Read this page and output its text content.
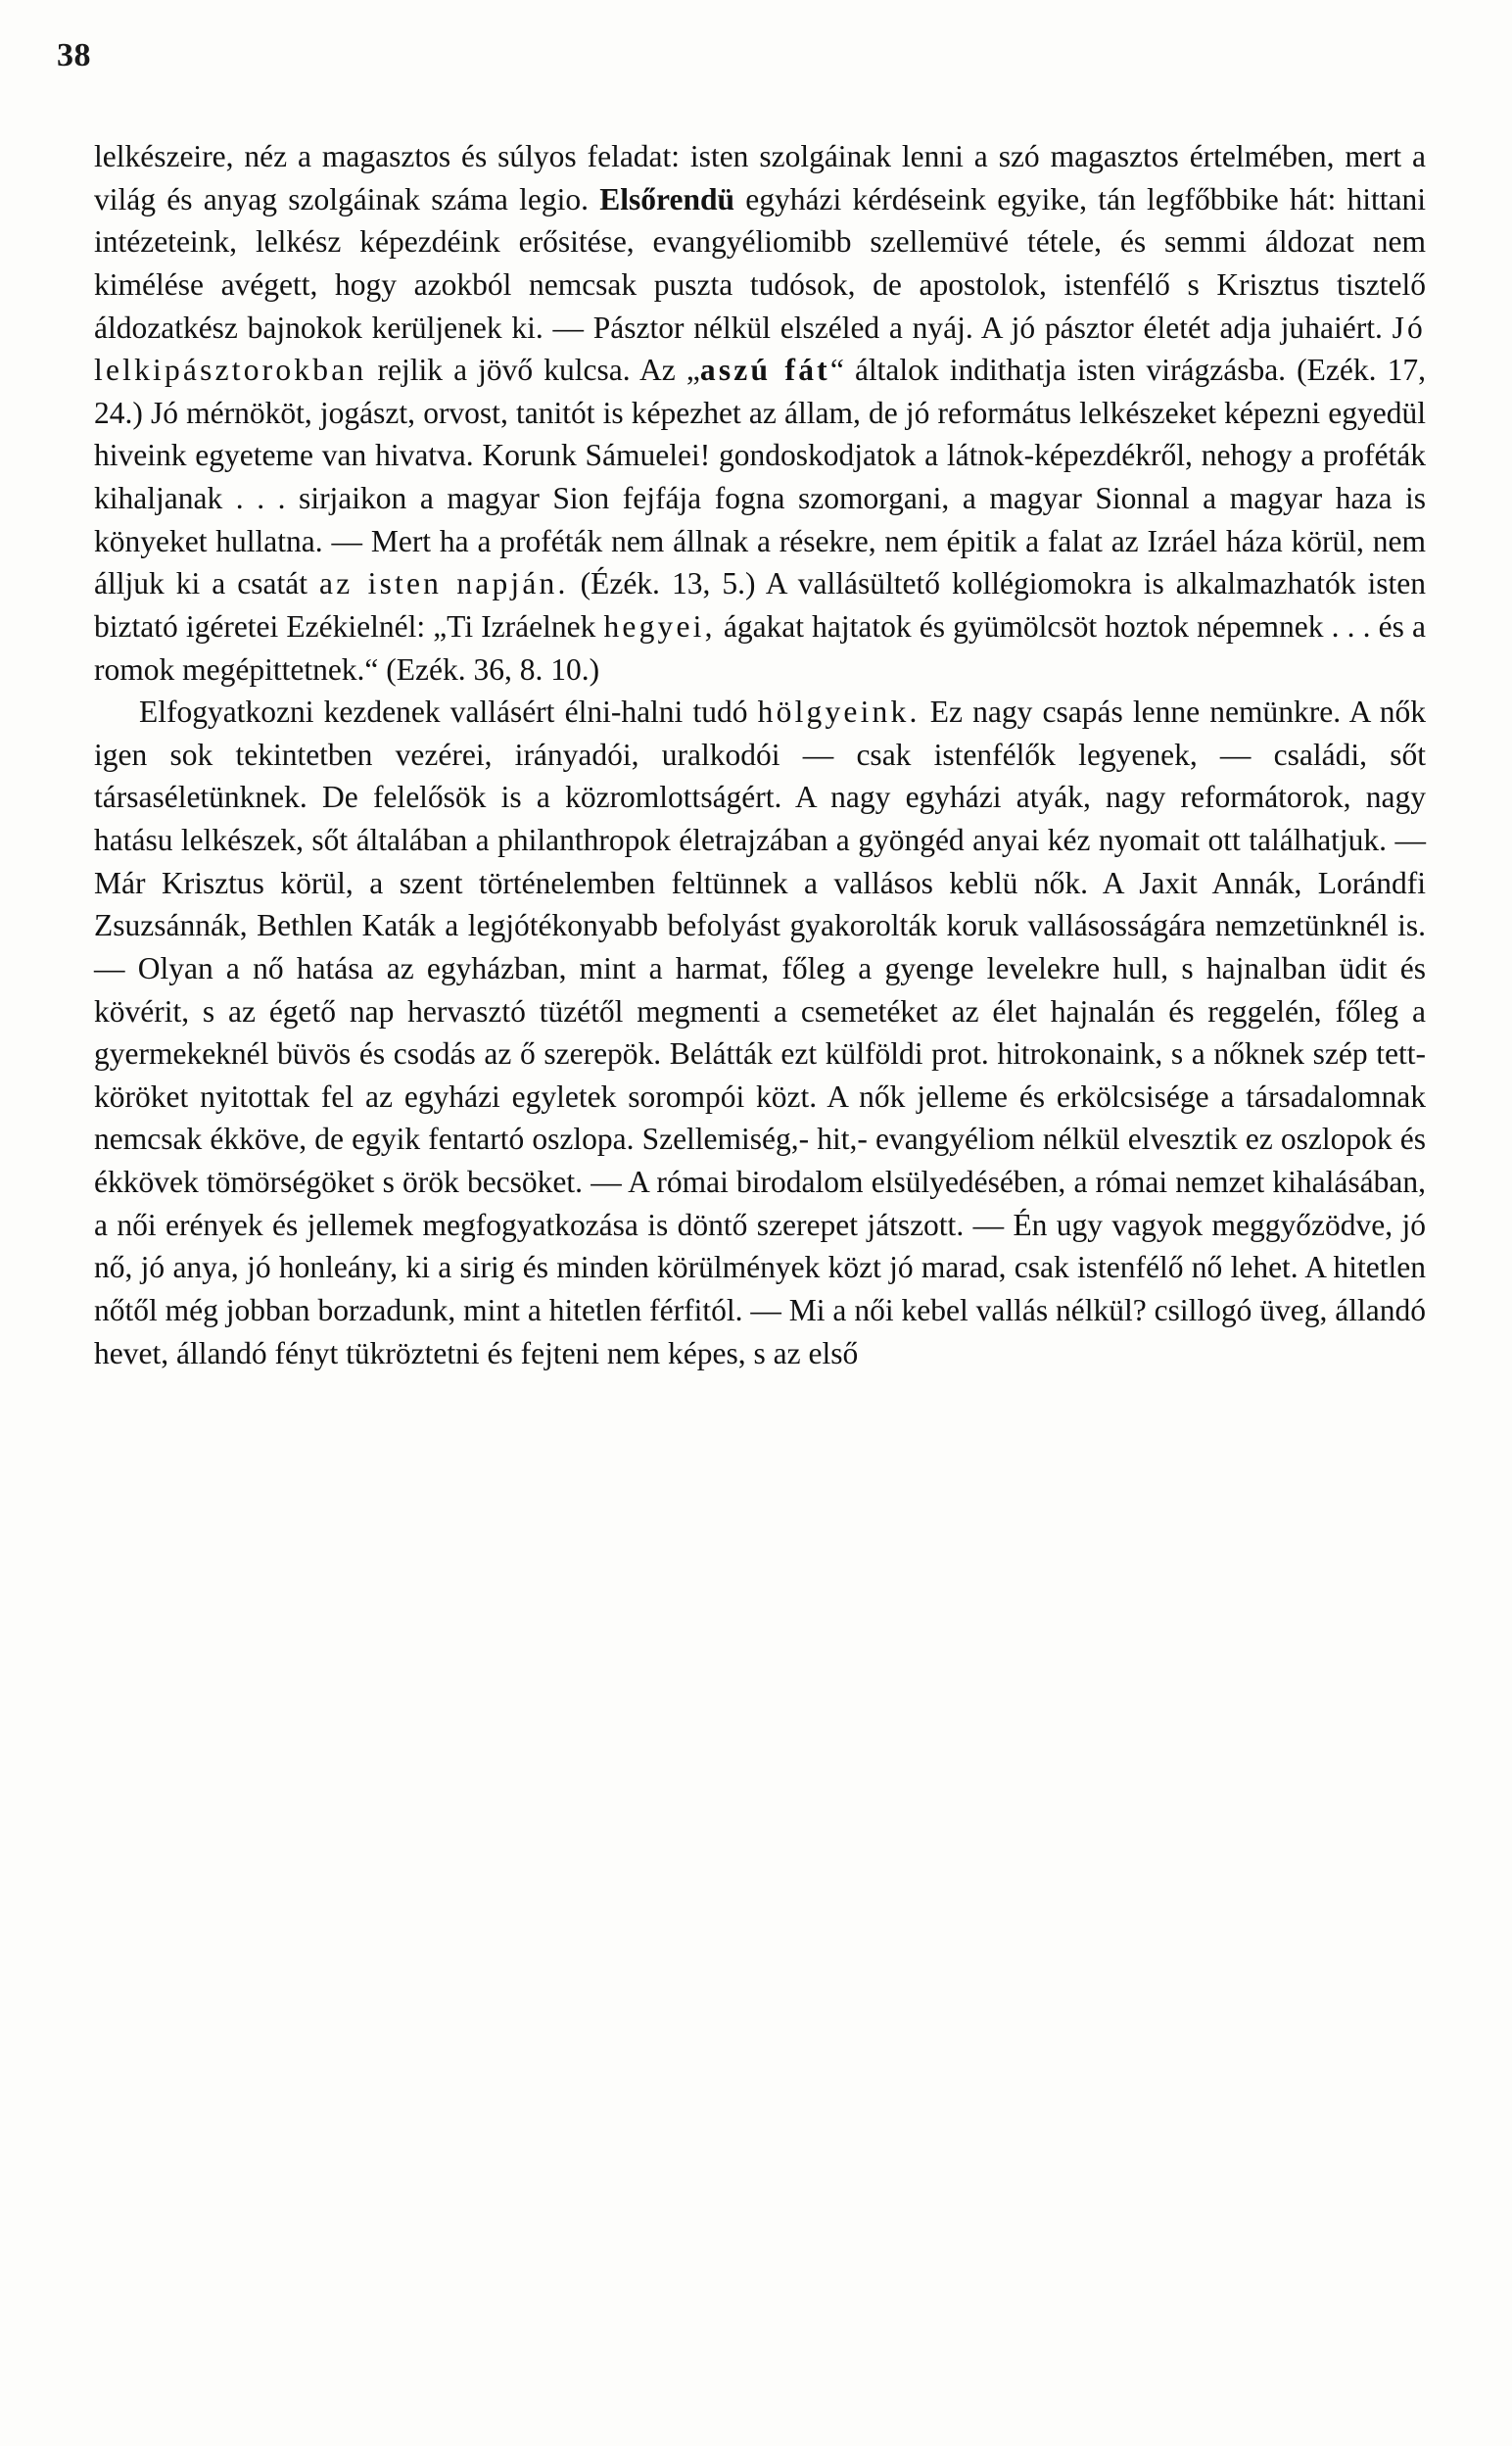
38

lelkészeire, néz a magasztos és súlyos feladat: isten szolgáinak lenni a szó magasztos értelmében, mert a világ és anyag szolgáinak száma legio. Elsőrendü egyházi kérdéseink egyike, tán legfőbbike hát: hittani intézeteink, lelkész képezdéink erősitése, evangyéliomibb szellemüvé tétele, és semmi áldozat nem kimélése avégett, hogy azokból nemcsak puszta tudósok, de apostolok, istenfélő s Krisztus tisztelő áldozatkész bajnokok kerüljenek ki. — Pásztor nélkül elszéled a nyáj. A jó pásztor életét adja juhaiért. Jó lelkipásztorokban rejlik a jövő kulcsa. Az „aszú fát“ általok indithatja isten virágzásba. (Ezék. 17, 24.) Jó mérnököt, jogászt, orvost, tanitót is képezhet az állam, de jó református lelkészeket képezni egyedül hiveink egyeteme van hivatva. Korunk Sámuelei! gondoskodjatok a látnok-képezdékről, nehogy a proféták kihaljanak . . . sirjaikon a magyar Sion fejfája fogna szomorgani, a magyar Sionnal a magyar haza is könyeket hullatna. — Mert ha a proféták nem állnak a résekre, nem épitik a falat az Izráel háza körül, nem álljuk ki a csatát az isten napján. (Ézék. 13, 5.) A vallásültető kollégiomokra is alkalmazhatók isten biztató igéretei Ezékielnél: „Ti Izráelnek hegyei, ágakat hajtatok és gyümölcsöt hoztok népemnek . . . és a romok megépittetnek.“ (Ezék. 36, 8. 10.)

Elfogyatkozni kezdenek vallásért élni-halni tudó hölgyeink. Ez nagy csapás lenne nemünkre. A nők igen sok tekintetben vezérei, irányadói, uralkodói — csak istenfélők legyenek, — családi, sőt társaséletünknek. De felelősök is a közromlottságért. A nagy egyházi atyák, nagy reformátorok, nagy hatásu lelkészek, sőt általában a philanthropok életrajzában a gyöngéd anyai kéz nyomait ott találhatjuk. — Már Krisztus körül, a szent történelemben feltünnek a vallásos keblü nők. A Jaxit Annák, Lorándfi Zsuzsánnák, Bethlen Katák a legjótékonyabb befolyást gyakorolták koruk vallásosságára nemzetünknél is. — Olyan a nő hatása az egyházban, mint a harmat, főleg a gyenge levelekre hull, s hajnalban üdit és kövérit, s az égető nap hervasztó tüzétől megmenti a csemetéket az élet hajnalán és reggelén, főleg a gyermekeknél büvös és csodás az ő szerepök. Belátták ezt külföldi prot. hitrokonaink, s a nőknek szép tett-köröket nyitottak fel az egyházi egyletek sorompói közt. A nők jelleme és erkölcsisége a társadalomnak nemcsak ékköve, de egyik fentartó oszlopa. Szellemiség,- hit,- evangyéliom nélkül elvesztik ez oszlopok és ékkövek tömörségöket s örök becsöket. — A római birodalom elsülyedésében, a római nemzet kihalásában, a női erények és jellemek megfogyatkozása is döntő szerepet játszott. — Én ugy vagyok meggyőzödve, jó nő, jó anya, jó honleány, ki a sirig és minden körülmények közt jó marad, csak istenfélő nő lehet. A hitetlen nőtől még jobban borzadunk, mint a hitetlen férfitól. — Mi a női kebel vallás nélkül? csillogó üveg, állandó hevet, állandó fényt tükröztetni és fejteni nem képes, s az első
